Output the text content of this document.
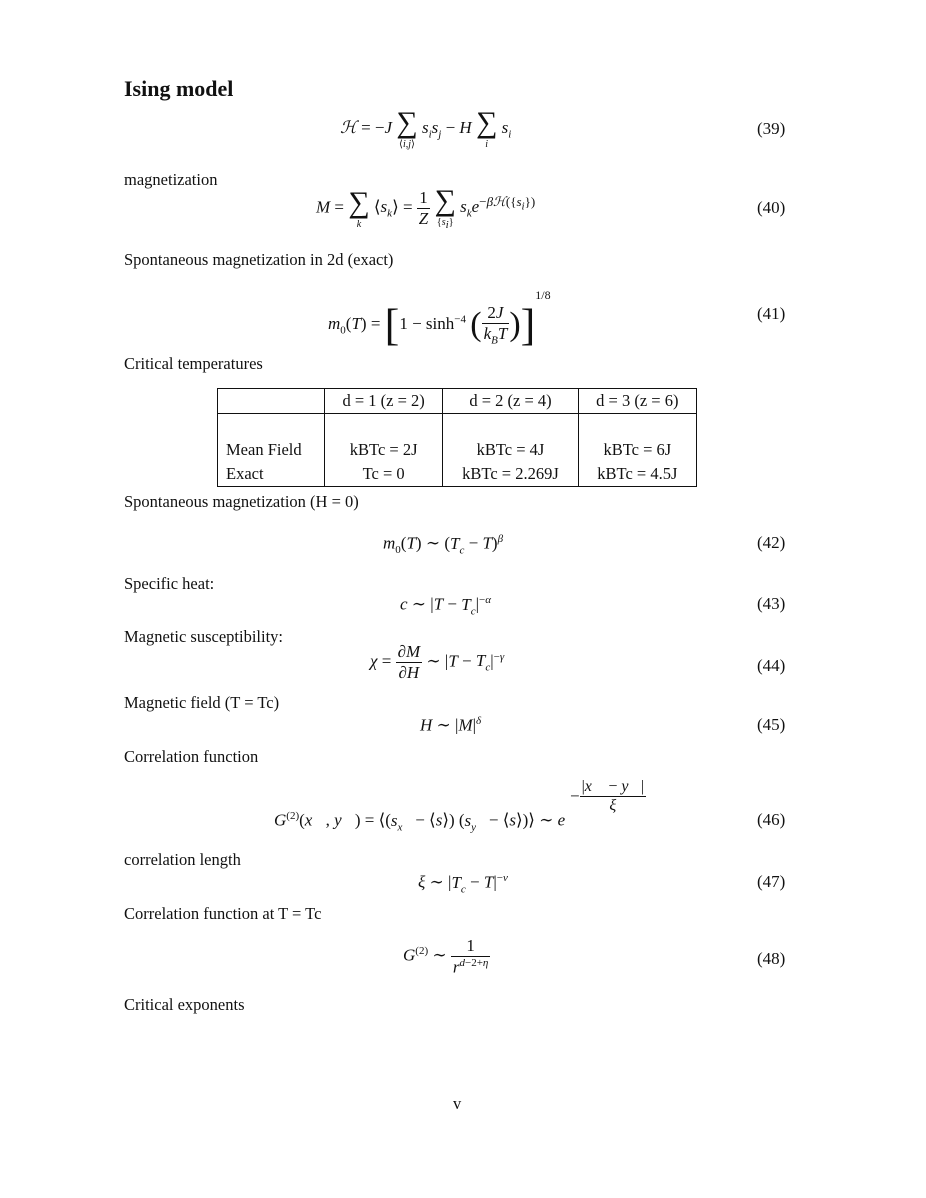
Ising model
ℋ = −J ∑
⟨i,j⟩
$s_is_j - H$ ∑
i
$s_i$	(39)
magnetization
M = ∑
k
$⟨s_k⟩ = \frac{1}{Z}$
∑
$\{s_i\}$
$s_ke^{-\beta ℋ(\{s_i\})}$	(40)
Spontaneous magnetization in 2d (exact)
$m_0(T) = [1 - \sinh^{-4}$ ( $\frac{2J}{k_BT} )]^{1/8}$
(41)
Critical temperatures
	d = 1 (z = 2)	d = 2 (z = 4)	d = 3 (z = 6)

Mean Field	kBTc = 2J	kBTc = 4J	kBTc = 6J
Exact	Tc = 0	kBTc = 2.269J	kBTc = 4.5J
Spontaneous magnetization (H = 0)
$m_0(T)$ ∼ $(T_c - T)^\beta$	(42)
Specific heat:
c ∼ $|T - T_c|^{-\alpha}$	(43)
Magnetic susceptibility:
$\chi = \frac{\partial M}{\partial H}$ ∼ $|T - T_c|^{-\gamma}$	(44)
Magnetic field (T = Tc)
H ∼ $|M|^\delta$	(45)
Correlation function
$G^{(2)}(x⃗$, y⃗) = $⟨(s_{x⃗}$ − ⟨s⟩) ($s_{y⃗}$ − ⟨s⟩)⟩ ∼ e
− $\frac{|x⃗ - y⃗|}{\xi}$
(46)
correlation length
ξ ∼ $|T_c - T|^{-\nu}$	(47)
Correlation function at T = Tc
$G^{(2)}$ ∼ $\frac{1}{r^{d-2+\eta}}$	(48)
Critical exponents
v
